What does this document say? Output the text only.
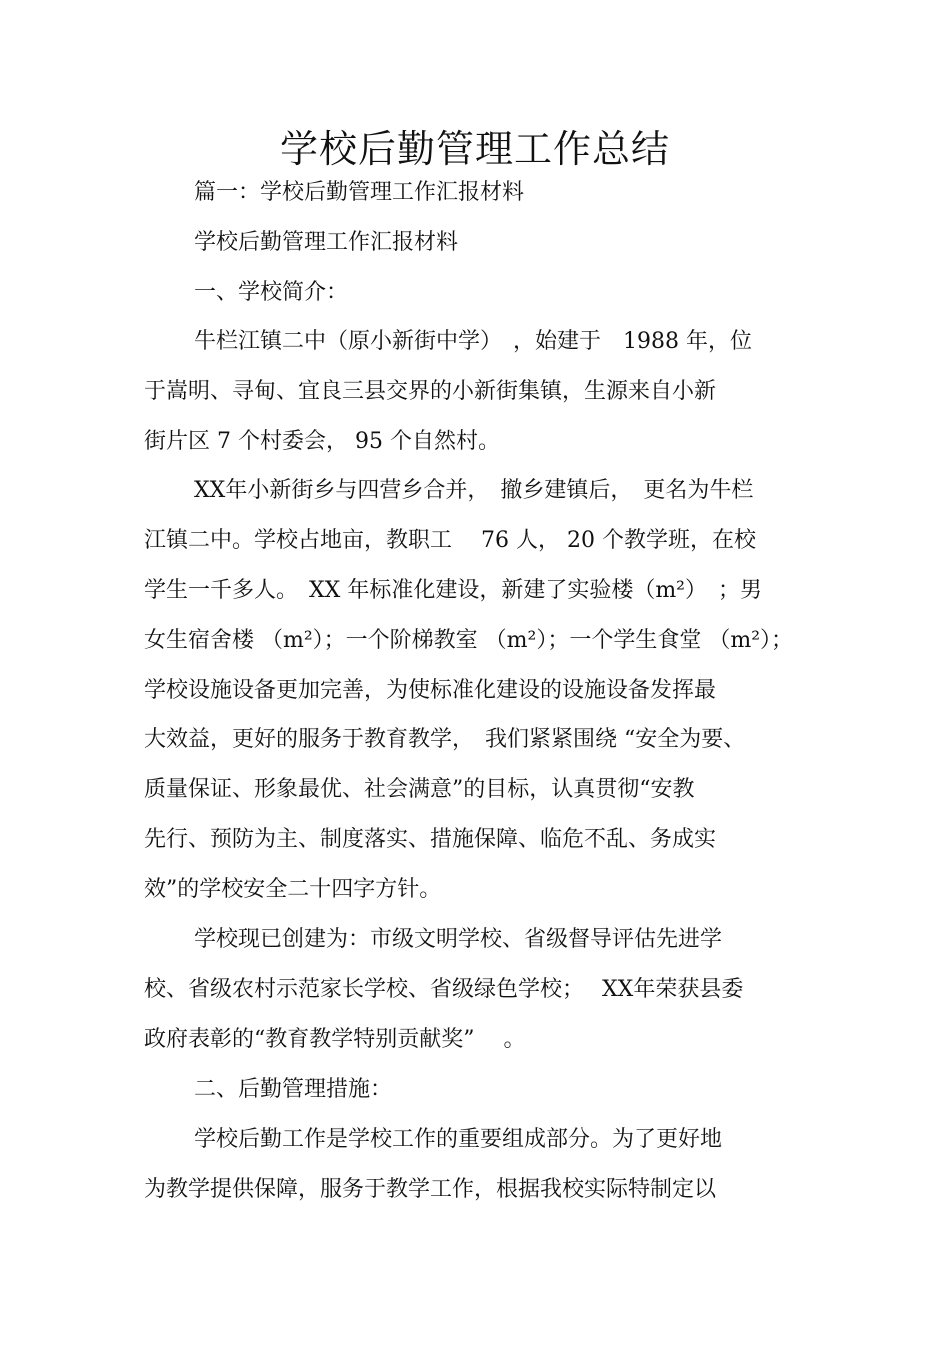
学校后勤管理工作总结
篇一：学校后勤管理工作汇报材料
学校后勤管理工作汇报材料
一、学校简介：
牛栏江镇二中（原小新街中学）　，始建于　1988 年，位
于嵩明、寻甸、宜良三县交界的小新街集镇，生源来自小新
街片区 7 个村委会， 95 个自然村。
XX年小新街乡与四营乡合并，　撤乡建镇后，　更名为牛栏
江镇二中。学校占地亩，教职工　 76 人， 20 个教学班，在校
学生一千多人。　XX 年标准化建设，新建了实验楼（m²）　；男
女生宿舍楼 （m²）；一个阶梯教室 （m²）；一个学生食堂 （m²）；
学校设施设备更加完善，为使标准化建设的设施设备发挥最
大效益，更好的服务于教育教学，　我们紧紧围绕 “安全为要、
质量保证、形象最优、社会满意”的目标，认真贯彻“安教
先行、预防为主、制度落实、措施保障、临危不乱、务成实
效”的学校安全二十四字方针。
学校现已创建为：市级文明学校、省级督导评估先进学
校、省级农村示范家长学校、省级绿色学校；　 XX年荣获县委
政府表彰的“教育教学特别贡献奖”　 。
二、后勤管理措施：
学校后勤工作是学校工作的重要组成部分。为了更好地
为教学提供保障，服务于教学工作，根据我校实际特制定以
